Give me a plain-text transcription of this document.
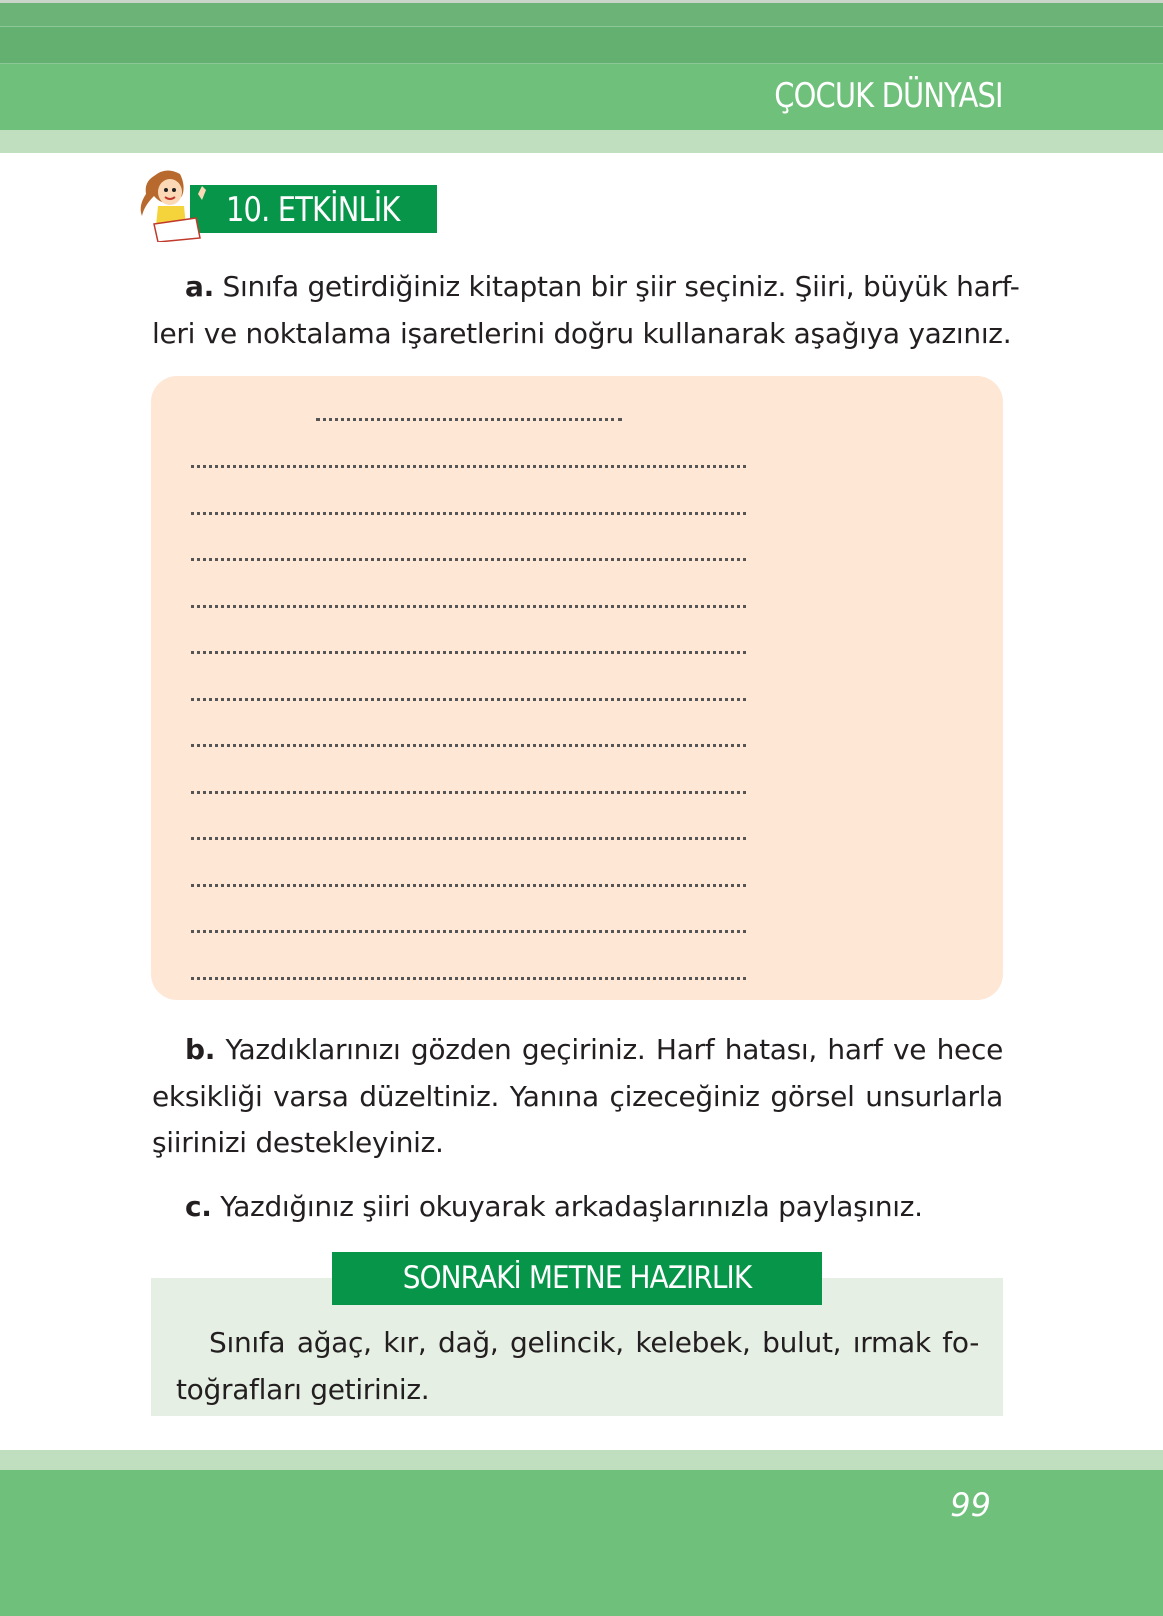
ÇOCUK DÜNYASI
10. ETKİNLİK
a. Sınıfa getirdiğiniz kitaptan bir şiir seçiniz. Şiiri, büyük harf-
leri ve noktalama işaretlerini doğru kullanarak aşağıya yazınız.
b. Yazdıklarınızı gözden geçiriniz. Harf hatası, harf ve hece
eksikliği varsa düzeltiniz. Yanına çizeceğiniz görsel unsurlarla
şiirinizi destekleyiniz.
c. Yazdığınız şiiri okuyarak arkadaşlarınızla paylaşınız.
SONRAKİ METNE HAZIRLIK
Sınıfa ağaç, kır, dağ, gelincik, kelebek, bulut, ırmak fo-
toğrafları getiriniz.
99
